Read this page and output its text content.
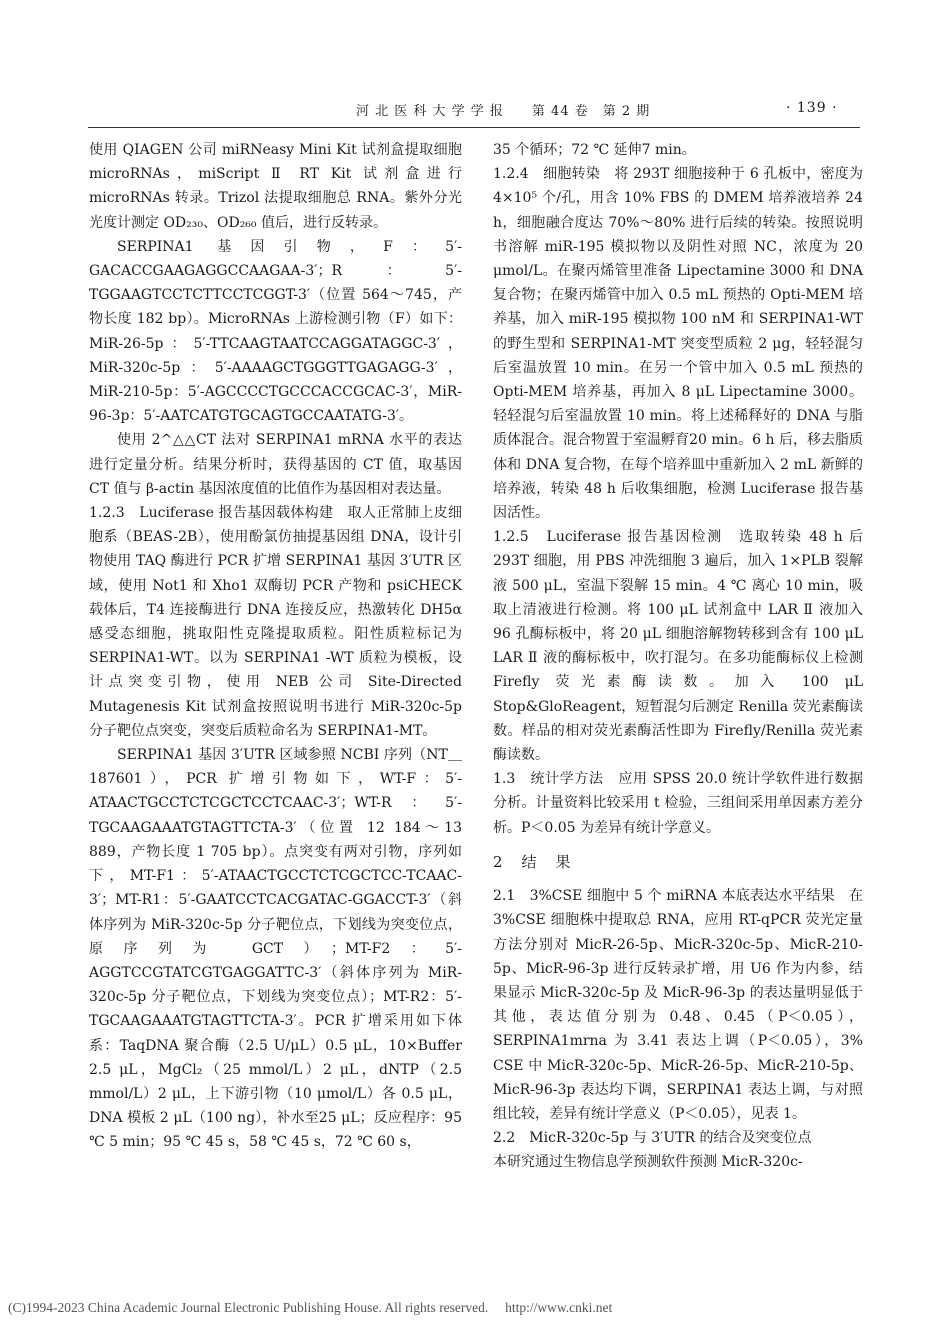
河 北 医 科 大 学 学 报　　第 44 卷　第 2 期	· 139 ·

使用 QIAGEN 公司 miRNeasy Mini Kit 试剂盒提取细胞 microRNAs，miScript Ⅱ RT Kit 试剂盒进行 microRNAs 转录。Trizol 法提取细胞总 RNA。紫外分光光度计测定 OD₂₃₀、OD₂₆₀ 值后，进行反转录。

SERPINA1 基因引物，F：5′-GACACCGAAGAGGCCAAGAA-3′；R：5′-TGGAAGTCCTCTTCCTCGGT-3′（位置 564～745，产物长度 182 bp）。MicroRNAs 上游检测引物（F）如下：MiR-26-5p：5′-TTCAAGTAATCCAGGATAGGC-3′，MiR-320c-5p：5′-AAAAGCTGGGTTGAGAGG-3′，MiR-210-5p：5′-AGCCCCTGCCCACCGCAC-3′，MiR-96-3p：5′-AATCATGTGCAGTGCCAATATG-3′。

使用 2^△△CT 法对 SERPINA1 mRNA 水平的表达进行定量分析。结果分析时，获得基因的 CT 值，取基因 CT 值与 β-actin 基因浓度值的比值作为基因相对表达量。

1.2.3　Luciferase 报告基因载体构建　取人正常肺上皮细胞系（BEAS-2B），使用酚氯仿抽提基因组 DNA，设计引物使用 TAQ 酶进行 PCR 扩增 SERPINA1 基因 3′UTR 区域，使用 Not1 和 Xho1 双酶切 PCR 产物和 psiCHECK 载体后，T4 连接酶进行 DNA 连接反应，热激转化 DH5α 感受态细胞，挑取阳性克隆提取质粒。阳性质粒标记为 SERPINA1-WT。以为 SERPINA1 -WT 质粒为模板，设计点突变引物，使用 NEB 公司 Site-Directed Mutagenesis Kit 试剂盒按照说明书进行 MiR-320c-5p 分子靶位点突变，突变后质粒命名为 SERPINA1-MT。

SERPINA1 基因 3′UTR 区域参照 NCBI 序列（NT＿187601），PCR 扩增引物如下，WT-F：5′-ATAACTGCCTCTCGCTCCTCAAC-3′；WT-R：5′-TGCAAGAAATGTAGTTCTA-3′（位置 12 184～13 889，产物长度 1 705 bp）。点突变有两对引物，序列如下，MT-F1：5′-ATAACTGCCTCTCGCTCC-TCAAC-3′；MT-R1：5′-GAATCCTCACGATAC-GGACCT-3′（斜体序列为 MiR-320c-5p 分子靶位点，下划线为突变位点，原序列为 GCT）；MT-F2：5′-AGGTCCGTATCGTGAGGATTC-3′（斜体序列为 MiR-320c-5p 分子靶位点，下划线为突变位点）；MT-R2：5′-TGCAAGAAATGTAGTTCTA-3′。PCR 扩增采用如下体系：TaqDNA 聚合酶（2.5 U/μL）0.5 μL，10×Buffer 2.5 μL，MgCl₂（25 mmol/L）2 μL，dNTP（2.5 mmol/L）2 μL，上下游引物（10 μmol/L）各 0.5 μL，DNA 模板 2 μL（100 ng），补水至25 μL；反应程序：95 ℃ 5 min；95 ℃ 45 s，58 ℃ 45 s，72 ℃ 60 s，

35 个循环；72 ℃ 延伸7 min。

1.2.4　细胞转染　将 293T 细胞接种于 6 孔板中，密度为 4×10⁵ 个/孔，用含 10% FBS 的 DMEM 培养液培养 24 h，细胞融合度达 70%～80% 进行后续的转染。按照说明书溶解 miR-195 模拟物以及阴性对照 NC，浓度为 20 μmol/L。在聚丙烯管里准备 Lipectamine 3000 和 DNA 复合物；在聚丙烯管中加入 0.5 mL 预热的 Opti-MEM 培养基，加入 miR-195 模拟物 100 nM 和 SERPINA1-WT 的野生型和 SERPINA1-MT 突变型质粒 2 μg，轻轻混匀后室温放置 10 min。在另一个管中加入 0.5 mL 预热的 Opti-MEM 培养基，再加入 8 μL Lipectamine 3000。轻轻混匀后室温放置 10 min。将上述稀释好的 DNA 与脂质体混合。混合物置于室温孵育20 min。6 h 后，移去脂质体和 DNA 复合物，在每个培养皿中重新加入 2 mL 新鲜的培养液，转染 48 h 后收集细胞，检测 Luciferase 报告基因活性。

1.2.5　Luciferase 报告基因检测　选取转染 48 h 后 293T 细胞，用 PBS 冲洗细胞 3 遍后，加入 1×PLB 裂解液 500 μL，室温下裂解 15 min。4 ℃ 离心 10 min，吸取上清液进行检测。将 100 μL 试剂盒中 LAR Ⅱ 液加入 96 孔酶标板中，将 20 μL 细胞溶解物转移到含有 100 μL LAR Ⅱ 液的酶标板中，吹打混匀。在多功能酶标仪上检测 Firefly 荧光素酶读数。加入 100 μL Stop&GloReagent，短暂混匀后测定 Renilla 荧光素酶读数。样品的相对荧光素酶活性即为 Firefly/Renilla 荧光素酶读数。

1.3　统计学方法　应用 SPSS 20.0 统计学软件进行数据分析。计量资料比较采用 t 检验，三组间采用单因素方差分析。P＜0.05 为差异有统计学意义。

2　结　果

2.1　3%CSE 细胞中 5 个 miRNA 本底表达水平结果　在 3%CSE 细胞株中提取总 RNA，应用 RT-qPCR 荧光定量方法分别对 MicR-26-5p、MicR-320c-5p、MicR-210-5p、MicR-96-3p 进行反转录扩增，用 U6 作为内参，结果显示 MicR-320c-5p 及 MicR-96-3p 的表达量明显低于其他，表达值分别为 0.48、0.45（P＜0.05），SERPINA1mrna 为 3.41 表达上调（P＜0.05），3% CSE 中 MicR-320c-5p、MicR-26-5p、MicR-210-5p、MicR-96-3p 表达均下调，SERPINA1 表达上调，与对照组比较，差异有统计学意义（P＜0.05），见表 1。

2.2　MicR-320c-5p 与 3′UTR 的结合及突变位点

本研究通过生物信息学预测软件预测 MicR-320c-

(C)1994-2023 China Academic Journal Electronic Publishing House. All rights reserved.　 http://www.cnki.net
